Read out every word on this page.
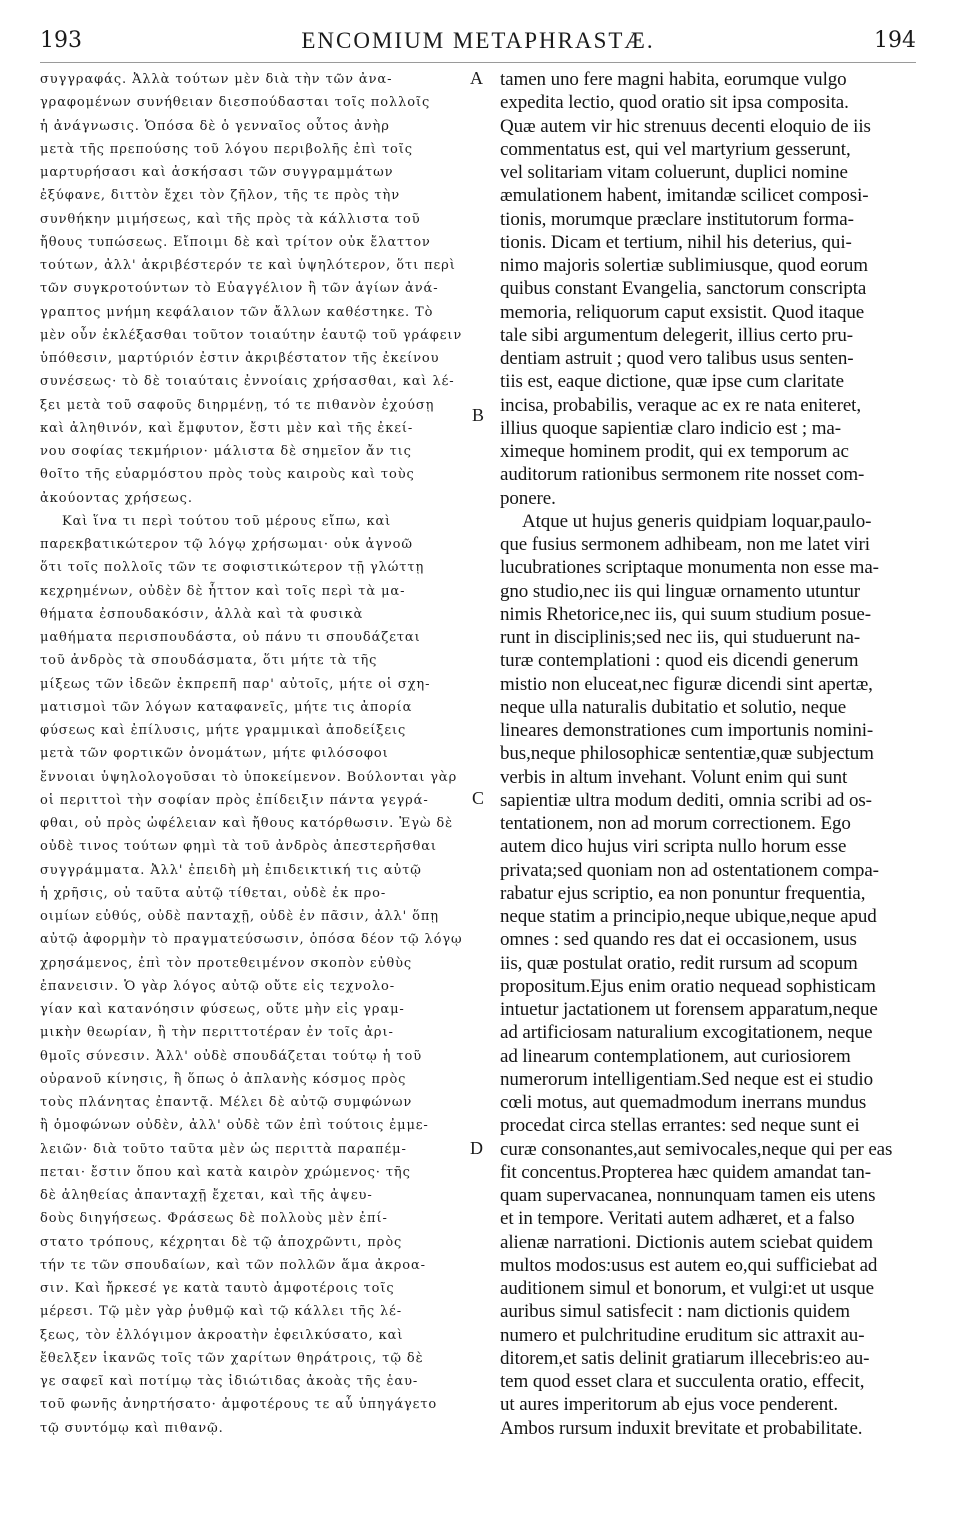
193	ENCOMIUM METAPHRASTÆ.	194
συγγραφάς. Ἀλλὰ τούτων μὲν διὰ τὴν τῶν ἀνα-
γραφομένων συνήθειαν διεσπούδασται τοῖς πολλοῖς
ἡ ἀνάγνωσις. Ὁπόσα δὲ ὁ γενναῖος οὗτος ἀνὴρ
μετὰ τῆς πρεπούσης τοῦ λόγου περιβολῆς ἐπὶ τοῖς
μαρτυρήσασι καὶ ἀσκήσασι τῶν συγγραμμάτων
ἐξύφανε, διττὸν ἔχει τὸν ζῆλον, τῆς τε πρὸς τὴν
συνθήκην μιμήσεως, καὶ τῆς πρὸς τὰ κάλλιστα τοῦ
ἤθους τυπώσεως. Εἴποιμι δὲ καὶ τρίτον οὐκ ἔλαττον
τούτων, ἀλλ' ἀκριβέστερόν τε καὶ ὑψηλότερον, ὅτι περὶ
τῶν συγκροτούντων τὸ Εὐαγγέλιον ἢ τῶν ἁγίων ἀνά-
γραπτος μνήμη κεφάλαιον τῶν ἄλλων καθέστηκε. Τὸ
μὲν οὖν ἐκλέξασθαι τοῦτον τοιαύτην ἑαυτῷ τοῦ γράφειν
ὑπόθεσιν, μαρτύριόν ἐστιν ἀκριβέστατον τῆς ἐκείνου
συνέσεως· τὸ δὲ τοιαύταις ἐννοίαις χρήσασθαι, καὶ λέ-
ξει μετὰ τοῦ σαφοῦς διηρμένῃ, τό τε πιθανὸν ἐχούσῃ
καὶ ἀληθινόν, καὶ ἔμφυτον, ἔστι μὲν καὶ τῆς ἐκεί-
νου σοφίας τεκμήριον· μάλιστα δὲ σημεῖον ἄν τις
θοῖτο τῆς εὐαρμόστου πρὸς τοὺς καιροὺς καὶ τοὺς
ἀκούοντας χρήσεως.
Καὶ ἵνα τι περὶ τούτου τοῦ μέρους εἴπω, καὶ
παρεκβατικώτερον τῷ λόγῳ χρήσωμαι· οὐκ ἀγνοῶ
ὅτι τοῖς πολλοῖς τῶν τε σοφιστικώτερον τῇ γλώττῃ
κεχρημένων, οὐδὲν δὲ ἧττον καὶ τοῖς περὶ τὰ μα-
θήματα ἐσπουδακόσιν, ἀλλὰ καὶ τὰ φυσικὰ
μαθήματα περισπουδάστα, οὐ πάνυ τι σπουδάζεται
τοῦ ἀνδρὸς τὰ σπουδάσματα, ὅτι μήτε τὰ τῆς
μίξεως τῶν ἰδεῶν ἐκπρεπῆ παρ' αὐτοῖς, μήτε οἱ σχη-
ματισμοὶ τῶν λόγων καταφανεῖς, μήτε τις ἀπορία
φύσεως καὶ ἐπίλυσις, μήτε γραμμικαὶ ἀποδείξεις
μετὰ τῶν φορτικῶν ὀνομάτων, μήτε φιλόσοφοι
ἔννοιαι ὑψηλολογοῦσαι τὸ ὑποκείμενον. Βούλονται γὰρ
οἱ περιττοὶ τὴν σοφίαν πρὸς ἐπίδειξιν πάντα γεγρά-
φθαι, οὐ πρὸς ὠφέλειαν καὶ ἤθους κατόρθωσιν. Ἐγὼ δὲ
οὐδὲ τινος τούτων φημὶ τὰ τοῦ ἀνδρὸς ἀπεστερῆσθαι
συγγράμματα. Ἀλλ' ἐπειδὴ μὴ ἐπιδεικτική τις αὐτῷ
ἡ χρῆσις, οὐ ταῦτα αὐτῷ τίθεται, οὐδὲ ἐκ προ-
οιμίων εὐθύς, οὐδὲ πανταχῇ, οὐδὲ ἐν πᾶσιν, ἀλλ' ὅπῃ
αὐτῷ ἀφορμὴν τὸ πραγματεύσωσιν, ὁπόσα δέον τῷ λόγῳ
χρησάμενος, ἐπὶ τὸν προτεθειμένον σκοπὸν εὐθὺς
ἐπανεισιν. Ὁ γὰρ λόγος αὐτῷ οὔτε εἰς τεχνολο-
γίαν καὶ κατανόησιν φύσεως, οὔτε μὴν εἰς γραμ-
μικὴν θεωρίαν, ἢ τὴν περιττοτέραν ἐν τοῖς ἀρι-
θμοῖς σύνεσιν. Ἀλλ' οὐδὲ σπουδάζεται τούτῳ ἡ τοῦ
οὐρανοῦ κίνησις, ἢ ὅπως ὁ ἀπλανὴς κόσμος πρὸς
τοὺς πλάνητας ἐπαντᾷ. Μέλει δὲ αὐτῷ συμφώνων
ἢ ὁμοφώνων οὐδὲν, ἀλλ' οὐδὲ τῶν ἐπὶ τούτοις ἐμμε-
λειῶν· διὰ τοῦτο ταῦτα μὲν ὡς περιττὰ παραπέμ-
πεται· ἔστιν ὅπου καὶ κατὰ καιρὸν χρώμενος· τῆς
δὲ ἀληθείας ἀπανταχῇ ἔχεται, καὶ τῆς ἀψευ-
δοὺς διηγήσεως. Φράσεως δὲ πολλοὺς μὲν ἐπί-
στατο τρόπους, κέχρηται δὲ τῷ ἀποχρῶντι, πρὸς
τήν τε τῶν σπουδαίων, καὶ τῶν πολλῶν ἅμα ἀκροα-
σιν. Καὶ ἤρκεσέ γε κατὰ ταυτὸ ἀμφοτέροις τοῖς
μέρεσι. Τῷ μὲν γὰρ ῥυθμῷ καὶ τῷ κάλλει τῆς λέ-
ξεως, τὸν ἐλλόγιμον ἀκροατὴν ἐφειλκύσατο, καὶ
ἔθελξεν ἱκανῶς τοῖς τῶν χαρίτων θηράτροις, τῷ δὲ
γε σαφεῖ καὶ ποτίμῳ τὰς ἰδιώτιδας ἀκοὰς τῆς ἑαυ-
τοῦ φωνῆς ἀνηρτήσατο· ἀμφοτέρους τε αὖ ὑπηγάγετο
τῷ συντόμῳ καὶ πιθανῷ.
tamen uno fere magni habita, eorumque vulgo
expedita lectio, quod oratio sit ipsa composita.
Quæ autem vir hic strenuus decenti eloquio de iis
commentatus est, qui vel martyrium gesserunt,
vel solitariam vitam coluerunt, duplici nomine
æmulationem habent, imitandæ scilicet composi-
tionis, morumque præclare institutorum forma-
tionis. Dicam et tertium, nihil his deterius, qui-
nimo majoris solertiæ sublimiusque, quod eorum
quibus constant Evangelia, sanctorum conscripta
memoria, reliquorum caput exsistit. Quod itaque
tale sibi argumentum delegerit, illius certo pru-
dentiam astruit ; quod vero talibus usus senten-
tiis est, eaque dictione, quæ ipse cum claritate
incisa, probabilis, veraque ac ex re nata eniteret,
illius quoque sapientiæ claro indicio est ; ma-
ximeque hominem prodit, qui ex temporum ac
auditorum rationibus sermonem rite nosset com-
ponere.
Atque ut hujus generis quidpiam loquar,paulo-
que fusius sermonem adhibeam, non me latet viri
lucubrationes scriptaque monumenta non esse ma-
gno studio,nec iis qui linguæ ornamento utuntur
nimis Rhetorice,nec iis, qui suum studium posue-
runt in disciplinis;sed nec iis, qui studuerunt na-
turæ contemplationi : quod eis dicendi generum
mistio non eluceat,nec figuræ dicendi sint apertæ,
neque ulla naturalis dubitatio et solutio, neque
lineares demonstrationes cum importunis nomini-
bus,neque philosophicæ sententiæ,quæ subjectum
verbis in altum invehant. Volunt enim qui sunt
sapientiæ ultra modum dediti, omnia scribi ad os-
tentationem, non ad morum correctionem. Ego
autem dico hujus viri scripta nullo horum esse
privata;sed quoniam non ad ostentationem compa-
rabatur ejus scriptio, ea non ponuntur frequentia,
neque statim a principio,neque ubique,neque apud
omnes : sed quando res dat ei occasionem, usus
iis, quæ postulat oratio, redit rursum ad scopum
propositum.Ejus enim oratio nequead sophisticam
intuetur jactationem ut forensem apparatum,neque
ad artificiosam naturalium excogitationem, neque
ad linearum contemplationem, aut curiosiorem
numerorum intelligentiam.Sed neque est ei studio
cœli motus, aut quemadmodum inerrans mundus
procedat circa stellas errantes: sed neque sunt ei
curæ consonantes,aut semivocales,neque qui per eas
fit concentus.Propterea hæc quidem amandat tan-
quam supervacanea, nonnunquam tamen eis utens
et in tempore. Veritati autem adhæret, et a falso
alienæ narrationi. Dictionis autem sciebat quidem
multos modos:usus est autem eo,qui sufficiebat ad
auditionem simul et bonorum, et vulgi:et ut usque
auribus simul satisfecit : nam dictionis quidem
numero et pulchritudine eruditum sic attraxit au-
ditorem,et satis delinit gratiarum illecebris:eo au-
tem quod esset clara et succulenta oratio, effecit,
ut aures imperitorum ab ejus voce penderent.
Ambos rursum induxit brevitate et probabilitate.
A
B
C
D
